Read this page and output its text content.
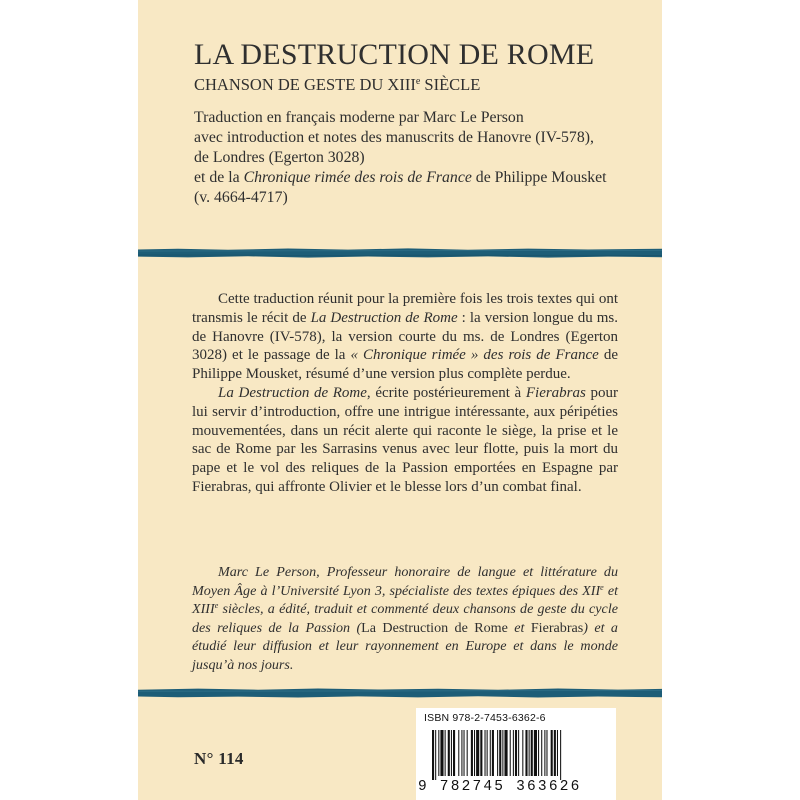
LA DESTRUCTION DE ROME
CHANSON DE GESTE DU XIIIe SIÈCLE
Traduction en français moderne par Marc Le Person
avec introduction et notes des manuscrits de Hanovre (IV-578),
de Londres (Egerton 3028)
et de la Chronique rimée des rois de France de Philippe Mousket
(v. 4664-4717)

Cette traduction réunit pour la première fois les trois textes qui ont transmis le récit de La Destruction de Rome : la version longue du ms. de Hanovre (IV-578), la version courte du ms. de Londres (Egerton 3028) et le passage de la « Chronique rimée » des rois de France de Philippe Mousket, résumé d’une version plus complète perdue.

La Destruction de Rome, écrite postérieurement à Fierabras pour lui servir d’introduction, offre une intrigue intéressante, aux péripéties mouvementées, dans un récit alerte qui raconte le siège, la prise et le sac de Rome par les Sarrasins venus avec leur flotte, puis la mort du pape et le vol des reliques de la Passion emportées en Espagne par Fierabras, qui affronte Olivier et le blesse lors d’un combat final.

Marc Le Person, Professeur honoraire de langue et littérature du Moyen Âge à l’Université Lyon 3, spécialiste des textes épiques des XIIe et XIIIe siècles, a édité, traduit et commenté deux chansons de geste du cycle des reliques de la Passion (La Destruction de Rome et Fierabras) et a étudié leur diffusion et leur rayonnement en Europe et dans le monde jusqu’à nos jours.
N° 114
ISBN 978-2-7453-6362-6
9 782745 363626
